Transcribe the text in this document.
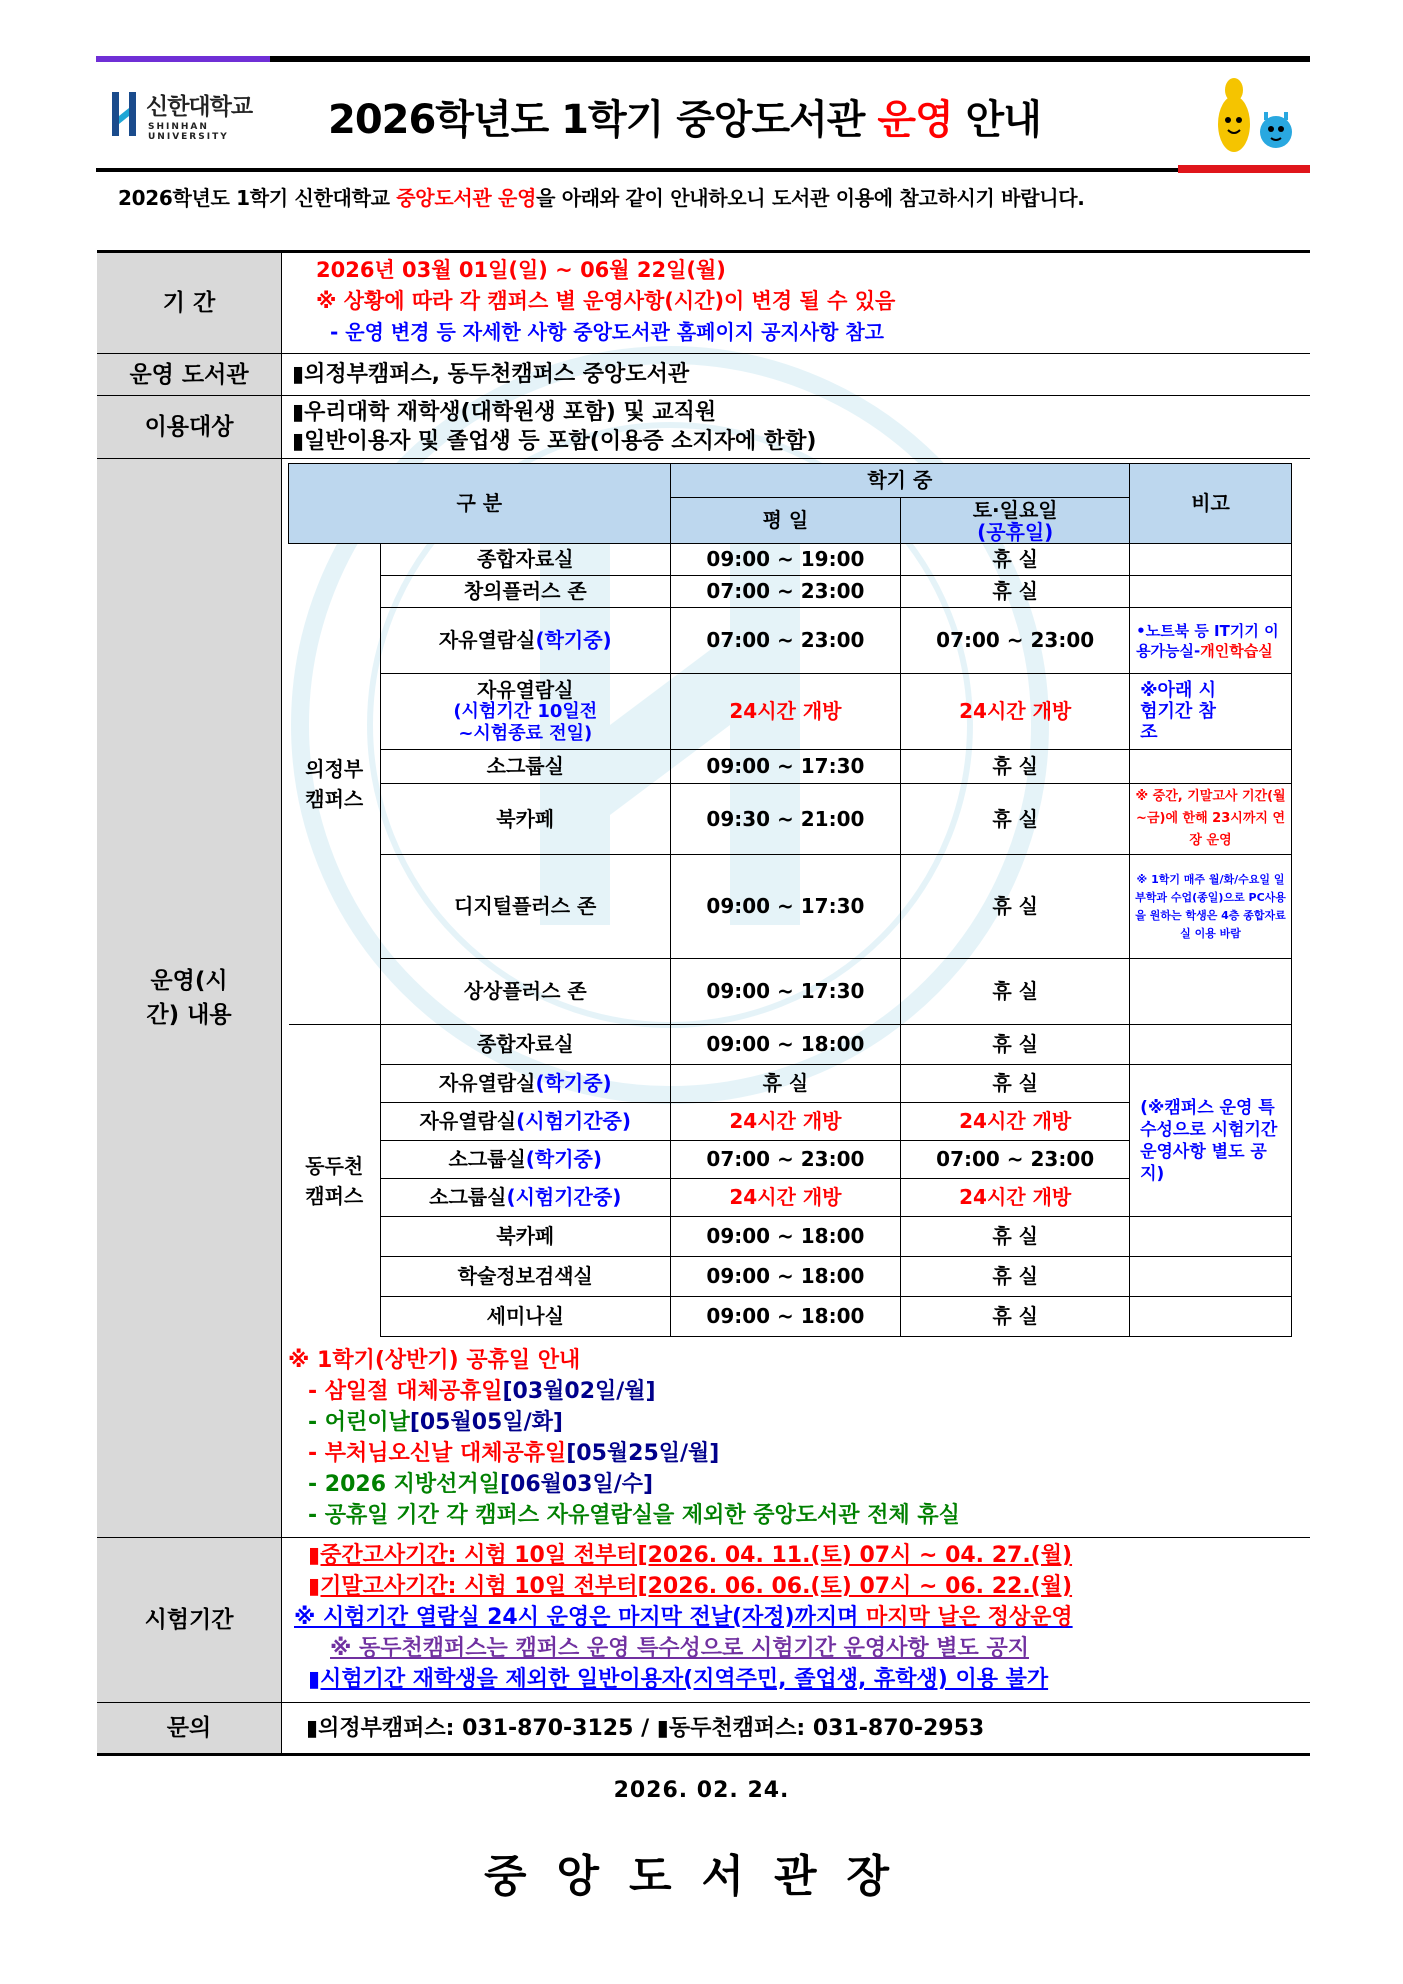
신한대학교
SHINHAN UNIVERSITY	2026학년도 1학기 중앙도서관 운영 안내
2026학년도 1학기 신한대학교 중앙도서관 운영을 아래와 같이 안내하오니 도서관 이용에 참고하시기 바랍니다.
기 간
2026년 03월 01일(일) ~ 06월 22일(월)
※ 상황에 따라 각 캠퍼스 별 운영사항(시간)이 변경 될 수 있음
- 운영 변경 등 자세한 사항 중앙도서관 홈페이지 공지사항 참고
운영 도서관	▮의정부캠퍼스, 동두천캠퍼스 중앙도서관
이용대상
▮우리대학 재학생(대학원생 포함) 및 교직원
▮일반이용자 및 졸업생 등 포함(이용증 소지자에 한함)
운영(시간) 내용
구 분		학기 중		비고
		평 일	토·일요일
(공휴일)	

의정부 캠퍼스	종합자료실	09:00 ~ 19:00	휴 실	
	창의플러스 존	07:00 ~ 23:00	휴 실	
	자유열람실(학기중)	07:00 ~ 23:00	07:00 ~ 23:00	•노트북 등 IT기기 이용가능실-개인학습실

	자유열람실
(시험기간 10일전
~시험종료 전일)	24시간 개방	24시간 개방	※아래 시험기간 참조

	소그룹실	09:00 ~ 17:30	휴 실	
	북카페	09:30 ~ 21:00	휴 실	※ 중간, 기말고사 기간(월~금)에 한해 23시까지 연장 운영
	디지털플러스 존	09:00 ~ 17:30	휴 실	※ 1학기 매주 월/화/수요일 일부학과 수업(종일)으로 PC사용을 원하는 학생은 4층 종합자료실 이용 바람
	상상플러스 존	09:00 ~ 17:30	휴 실	

동두천 캠퍼스	종합자료실	09:00 ~ 18:00	휴 실	
	자유열람실(학기중)	휴 실	휴 실	(※캠퍼스 운영 특수성으로 시험기간 운영사항 별도 공지)
	자유열람실(시험기간중)	24시간 개방	24시간 개방	
	소그룹실(학기중)	07:00 ~ 23:00	07:00 ~ 23:00	
	소그룹실(시험기간중)	24시간 개방	24시간 개방	
	북카페	09:00 ~ 18:00	휴 실	
	학술정보검색실	09:00 ~ 18:00	휴 실	
	세미나실	09:00 ~ 18:00	휴 실	
※ 1학기(상반기) 공휴일 안내
- 삼일절 대체공휴일[03월02일/월]
- 어린이날[05월05일/화]
- 부처님오신날 대체공휴일[05월25일/월]
- 2026 지방선거일[06월03일/수]
- 공휴일 기간 각 캠퍼스 자유열람실을 제외한 중앙도서관 전체 휴실
시험기간
▮중간고사기간: 시험 10일 전부터[2026. 04. 11.(토) 07시 ~ 04. 27.(월)
▮기말고사기간: 시험 10일 전부터[2026. 06. 06.(토) 07시 ~ 06. 22.(월)
※ 시험기간 열람실 24시 운영은 마지막 전날(자정)까지며 마지막 날은 정상운영
※ 동두천캠퍼스는 캠퍼스 운영 특수성으로 시험기간 운영사항 별도 공지
▮시험기간 재학생을 제외한 일반이용자(지역주민, 졸업생, 휴학생) 이용 불가
문의	▮의정부캠퍼스: 031-870-3125 / ▮동두천캠퍼스: 031-870-2953
2026. 02. 24.
중앙도서관장
